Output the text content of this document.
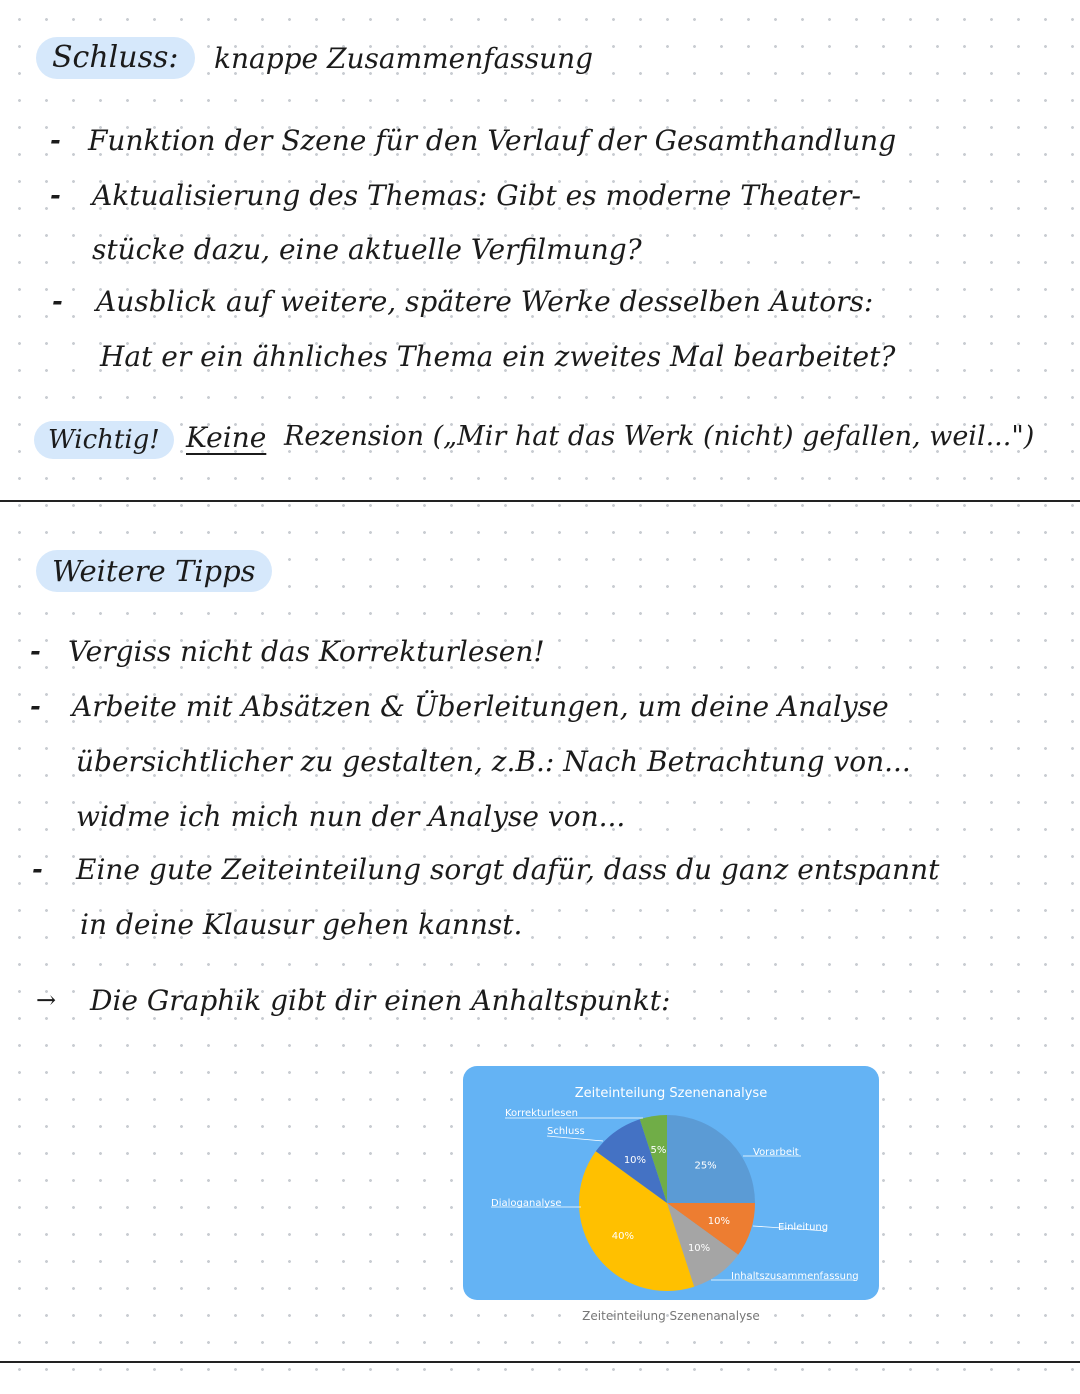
Schluss:	knappe Zusammenfassung
- Funktion der Szene für den Verlauf der Gesamthandlung
- Aktualisierung des Themas: Gibt es moderne Theater-
stücke dazu, eine aktuelle Verfilmung?
- Ausblick auf weitere, spätere Werke desselben Autors:
Hat er ein ähnliches Thema ein zweites Mal bearbeitet?
Wichtig! Keine Rezension („Mir hat das Werk (nicht) gefallen, weil...")
Weitere Tipps
- Vergiss nicht das Korrekturlesen!
- Arbeite mit Absätzen & Überleitungen, um deine Analyse
übersichtlicher zu gestalten, z.B.: Nach Betrachtung von...
widme ich mich nun der Analyse von...
- Eine gute Zeiteinteilung sorgt dafür, dass du ganz entspannt
in deine Klausur gehen kannst.
→ Die Graphik gibt dir einen Anhaltspunkt:
Zeiteinteilung Szenenanalyse
25%
Vorarbeit
10%
Einleitung
10%
Inhaltszusammenfassung
40%
Dialoganalyse
10%
Schluss
5%
Korrekturlesen
Zeiteinteilung Szenenanalyse
